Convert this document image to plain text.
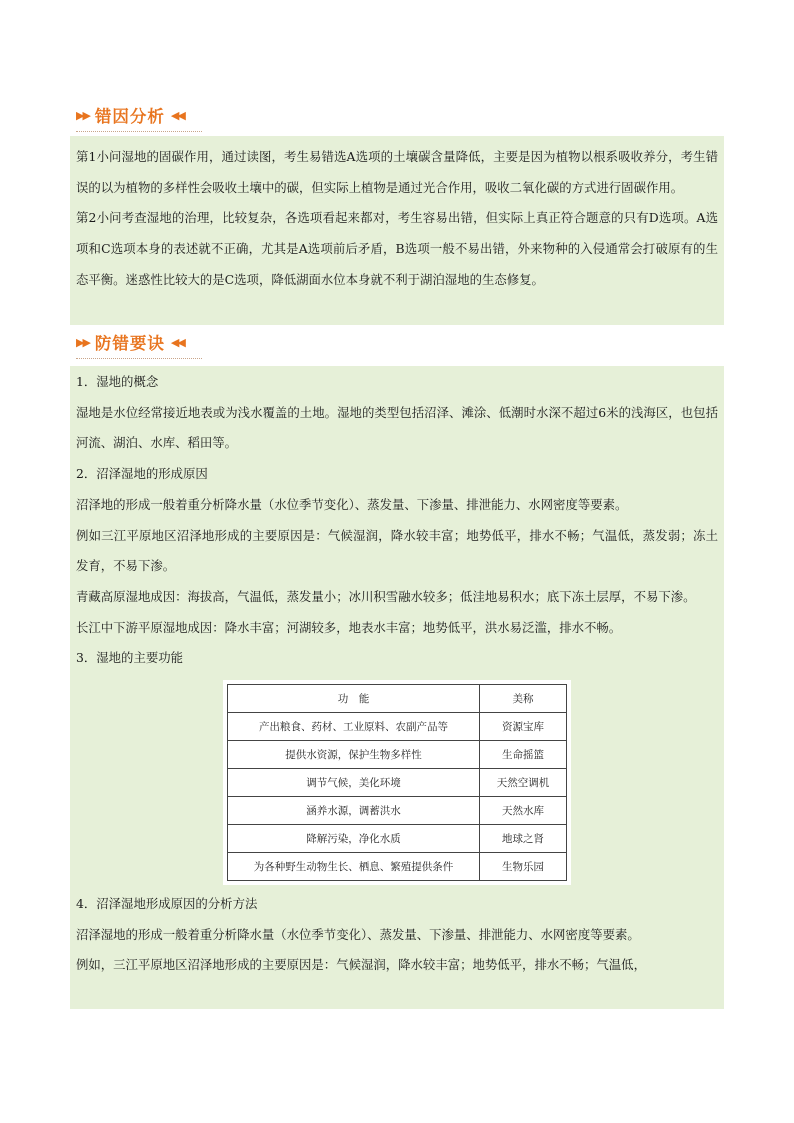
▶▶ 错因分析 ◀◀

第1小问湿地的固碳作用，通过读图，考生易错选A选项的土壤碳含量降低，主要是因为植物以根系吸收养分，考生错误的以为植物的多样性会吸收土壤中的碳，但实际上植物是通过光合作用，吸收二氧化碳的方式进行固碳作用。

第2小问考查湿地的治理，比较复杂，各选项看起来都对，考生容易出错，但实际上真正符合题意的只有D选项。A选项和C选项本身的表述就不正确，尤其是A选项前后矛盾，B选项一般不易出错，外来物种的入侵通常会打破原有的生态平衡。迷惑性比较大的是C选项，降低湖面水位本身就不利于湖泊湿地的生态修复。

▶▶ 防错要诀 ◀◀

1．湿地的概念

湿地是水位经常接近地表或为浅水覆盖的土地。湿地的类型包括沼泽、滩涂、低潮时水深不超过6米的浅海区，也包括河流、湖泊、水库、稻田等。

2．沼泽湿地的形成原因

沼泽地的形成一般着重分析降水量（水位季节变化）、蒸发量、下渗量、排泄能力、水网密度等要素。

例如三江平原地区沼泽地形成的主要原因是：气候湿润，降水较丰富；地势低平，排水不畅；气温低，蒸发弱；冻土发育，不易下渗。

青藏高原湿地成因：海拔高，气温低，蒸发量小；冰川积雪融水较多；低洼地易积水；底下冻土层厚，不易下渗。

长江中下游平原湿地成因：降水丰富；河湖较多，地表水丰富；地势低平，洪水易泛滥，排水不畅。

3．湿地的主要功能

功　能	美称
产出粮食、药材、工业原料、农副产品等	资源宝库
提供水资源，保护生物多样性	生命摇篮
调节气候，美化环境	天然空调机
涵养水源，调蓄洪水	天然水库
降解污染，净化水质	地球之肾
为各种野生动物生长、栖息、繁殖提供条件	生物乐园

4．沼泽湿地形成原因的分析方法

沼泽湿地的形成一般着重分析降水量（水位季节变化）、蒸发量、下渗量、排泄能力、水网密度等要素。

例如，三江平原地区沼泽地形成的主要原因是：气候湿润，降水较丰富；地势低平，排水不畅；气温低，
